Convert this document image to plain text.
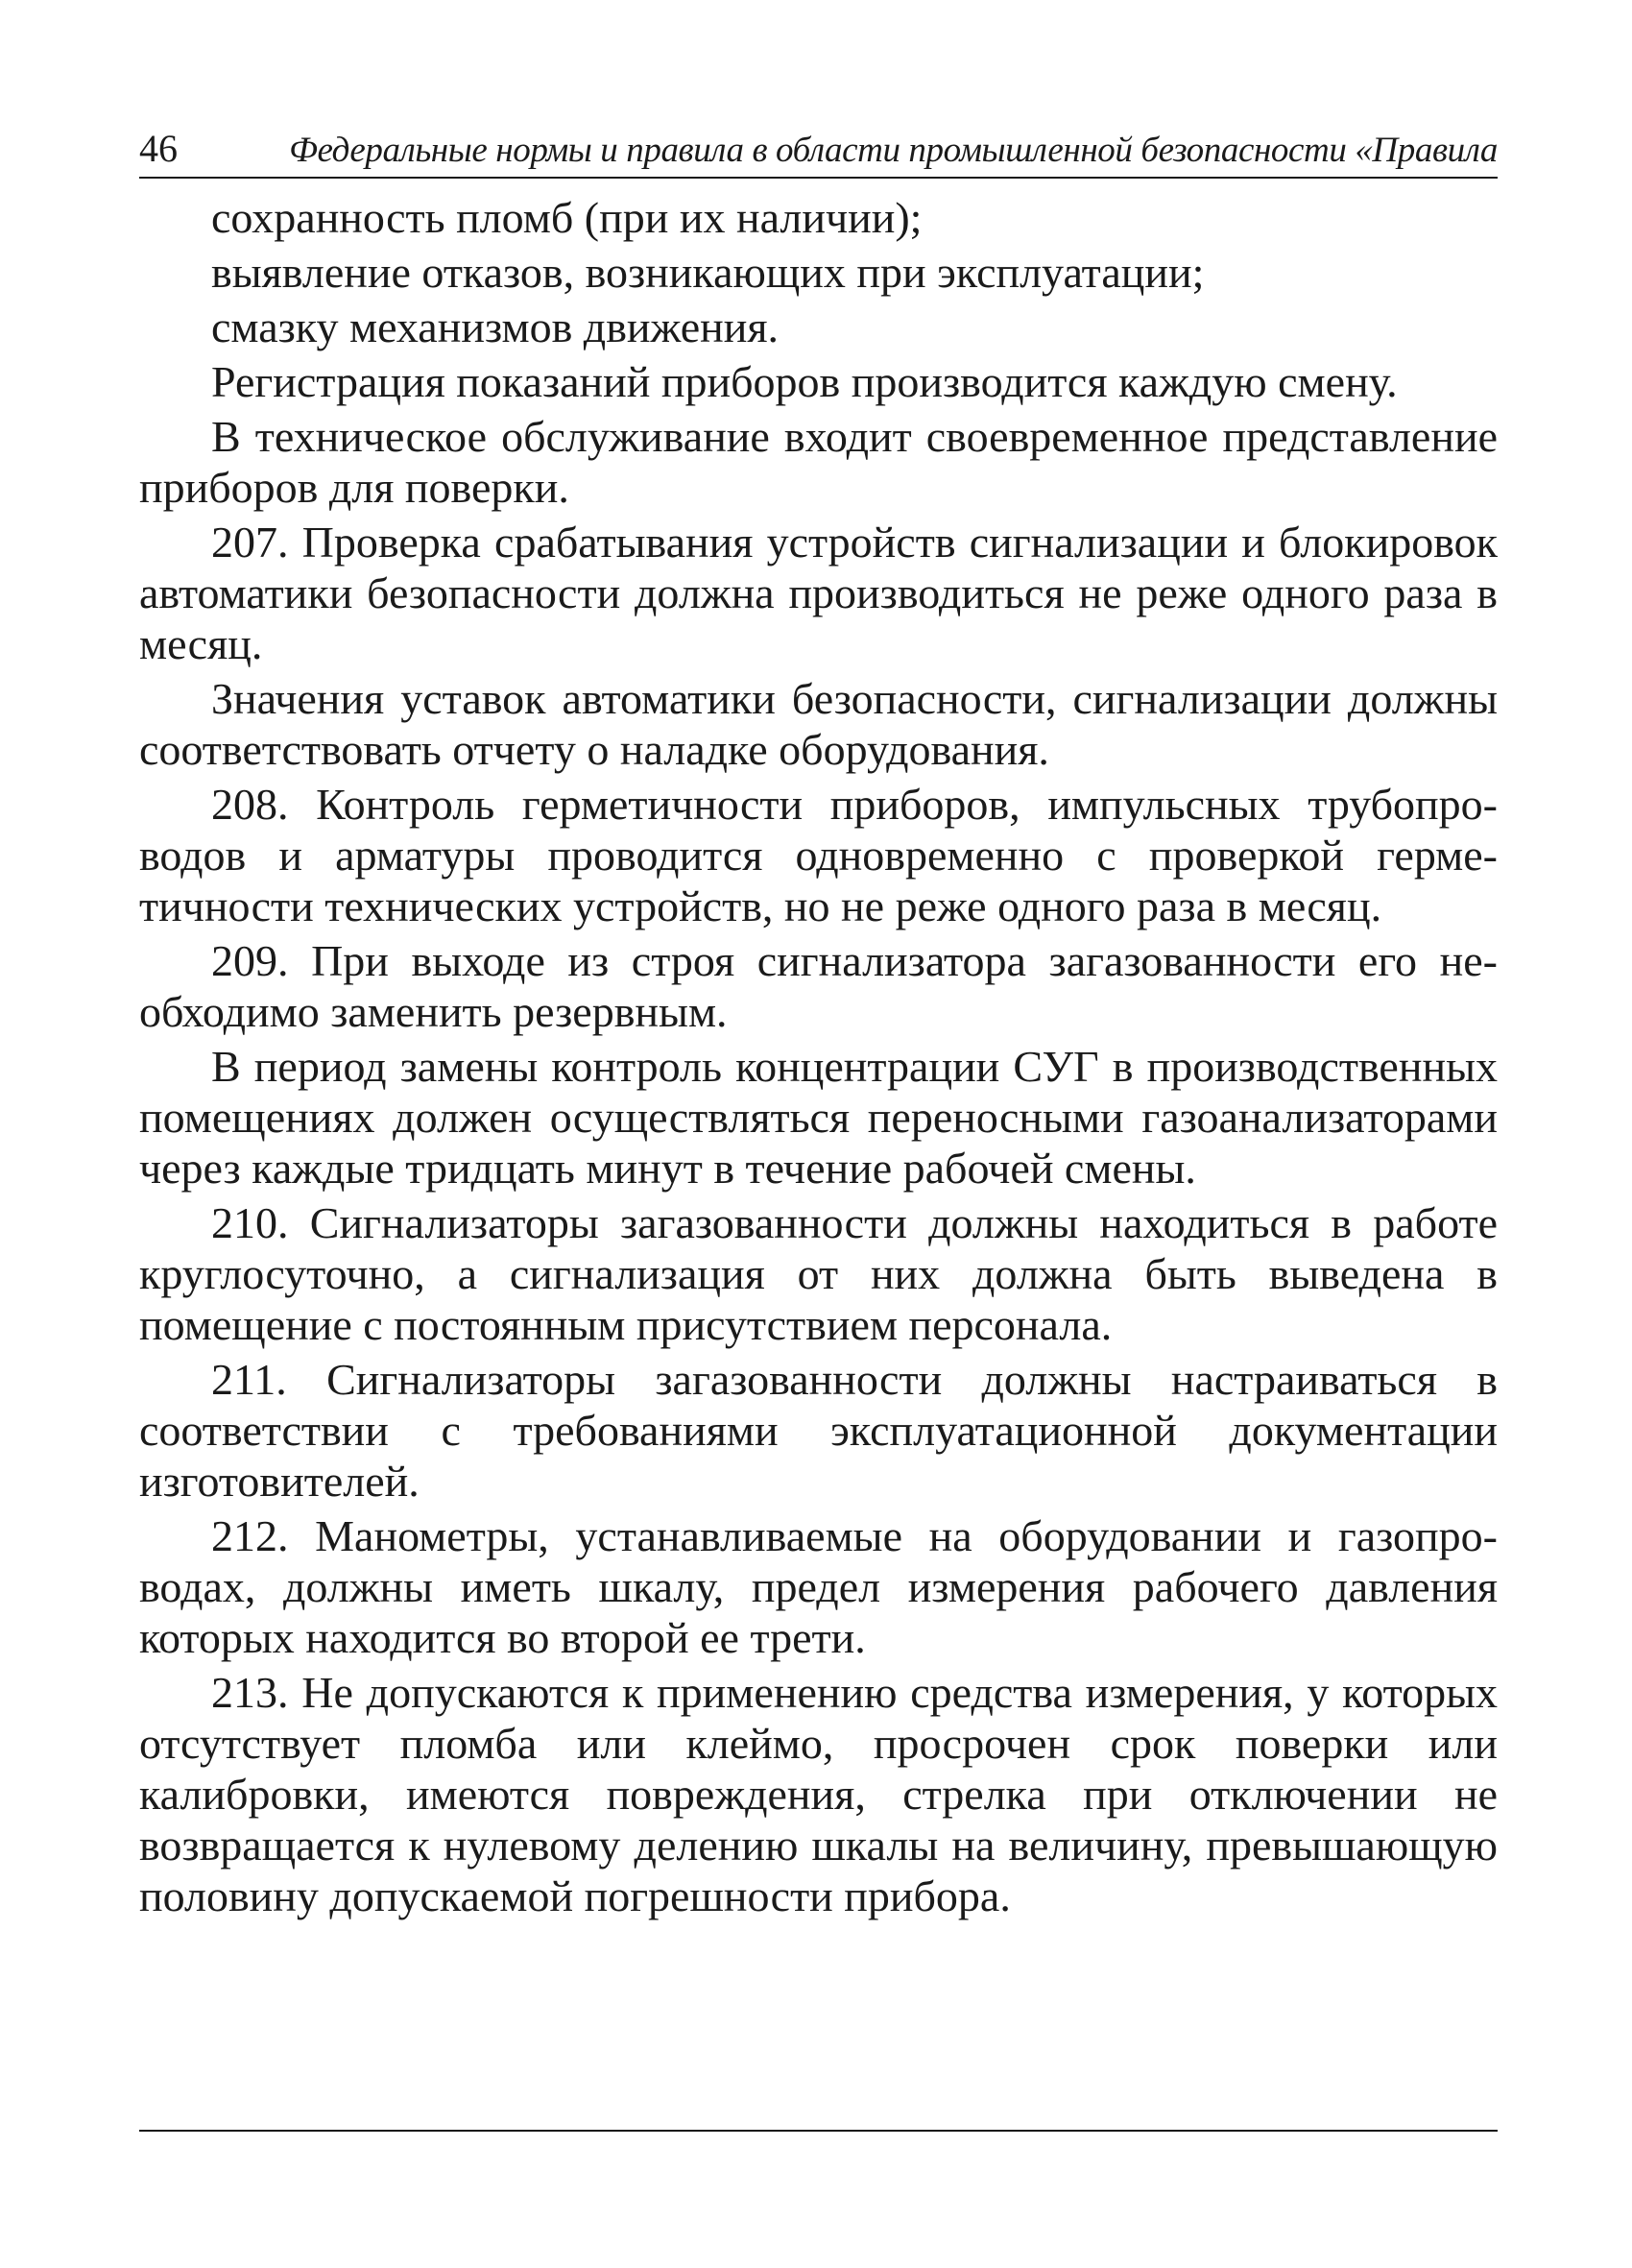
46	Федеральные нормы и правила в области промышленной безопасности «Правила

сохранность пломб (при их наличии);

выявление отказов, возникающих при эксплуатации;

смазку механизмов движения.

Регистрация показаний приборов производится каждую смену.

В техническое обслуживание входит своевременное представление приборов для поверки.

207. Проверка срабатывания устройств сигнализации и блокировок автоматики безопасности должна производиться не реже одного раза в месяц.

Значения уставок автоматики безопасности, сигнализации должны соответствовать отчету о наладке оборудования.

208. Контроль герметичности приборов, импульсных трубопроводов и арматуры проводится одновременно с проверкой герметичности технических устройств, но не реже одного раза в месяц.

209. При выходе из строя сигнализатора загазованности его необходимо заменить резервным.

В период замены контроль концентрации СУГ в производственных помещениях должен осуществляться переносными газоанализаторами через каждые тридцать минут в течение рабочей смены.

210. Сигнализаторы загазованности должны находиться в работе круглосуточно, а сигнализация от них должна быть выведена в помещение с постоянным присутствием персонала.

211. Сигнализаторы загазованности должны настраиваться в соответствии с требованиями эксплуатационной документации изготовителей.

212. Манометры, устанавливаемые на оборудовании и газопроводах, должны иметь шкалу, предел измерения рабочего давления которых находится во второй ее трети.

213. Не допускаются к применению средства измерения, у которых отсутствует пломба или клеймо, просрочен срок поверки или калибровки, имеются повреждения, стрелка при отключении не возвращается к нулевому делению шкалы на величину, превышающую половину допускаемой погрешности прибора.
